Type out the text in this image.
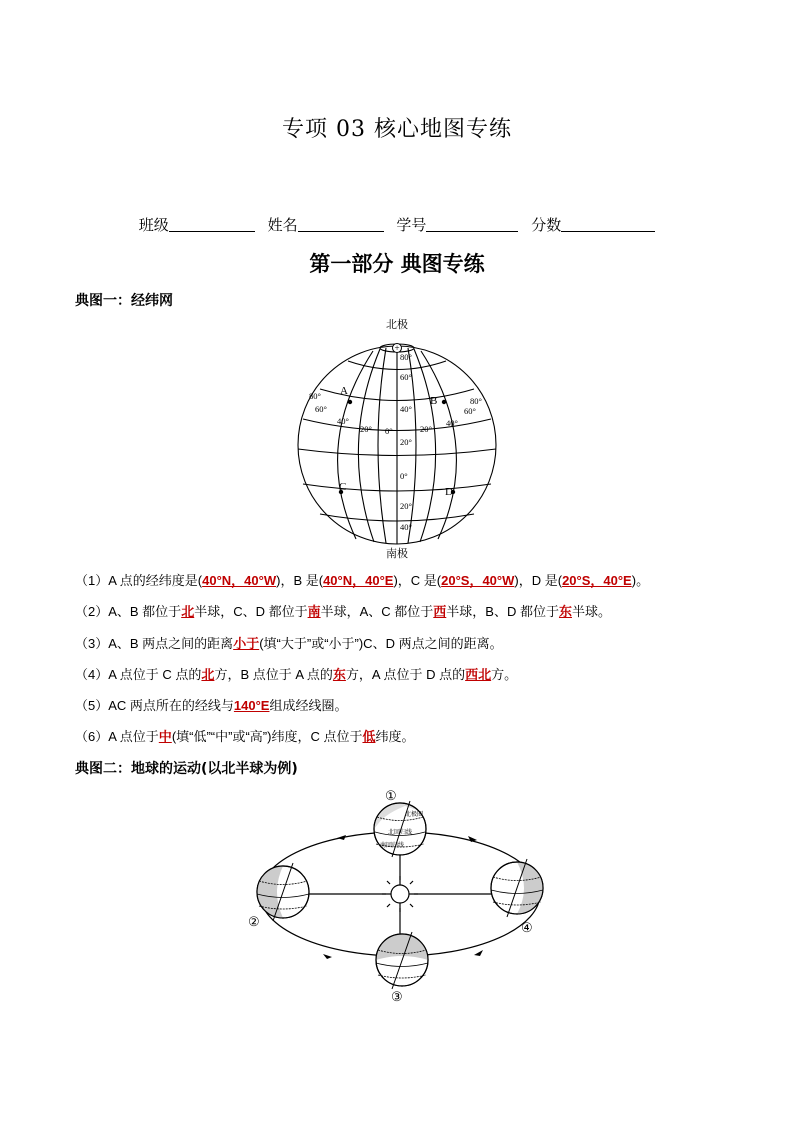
专项 03 核心地图专练
班级	姓名	学号	分数
第一部分 典图专练
典图一：经纬网
北极
南极
+
A
B
C	D
80°
60°
40°
20°
0°
20°
40°
80°
60°
80°
60°
40°
20° 0°	20°
40°
（1）A 点的经纬度是(40°N，40°W)，B 是(40°N，40°E)，C 是(20°S，40°W)，D 是(20°S，40°E)。
（2）A、B 都位于北半球，C、D 都位于南半球，A、C 都位于西半球，B、D 都位于东半球。
（3）A、B 两点之间的距离小于(填“大于”或“小于”)C、D 两点之间的距离。
（4）A 点位于 C 点的北方，B 点位于 A 点的东方，A 点位于 D 点的西北方。
（5）AC 两点所在的经线与140°E组成经线圈。
（6）A 点位于中(填“低”“中”或“高”)纬度，C 点位于低纬度。
典图二：地球的运动(以北半球为例)
北极圈
北回归线
南回归线
①
②
③
④
